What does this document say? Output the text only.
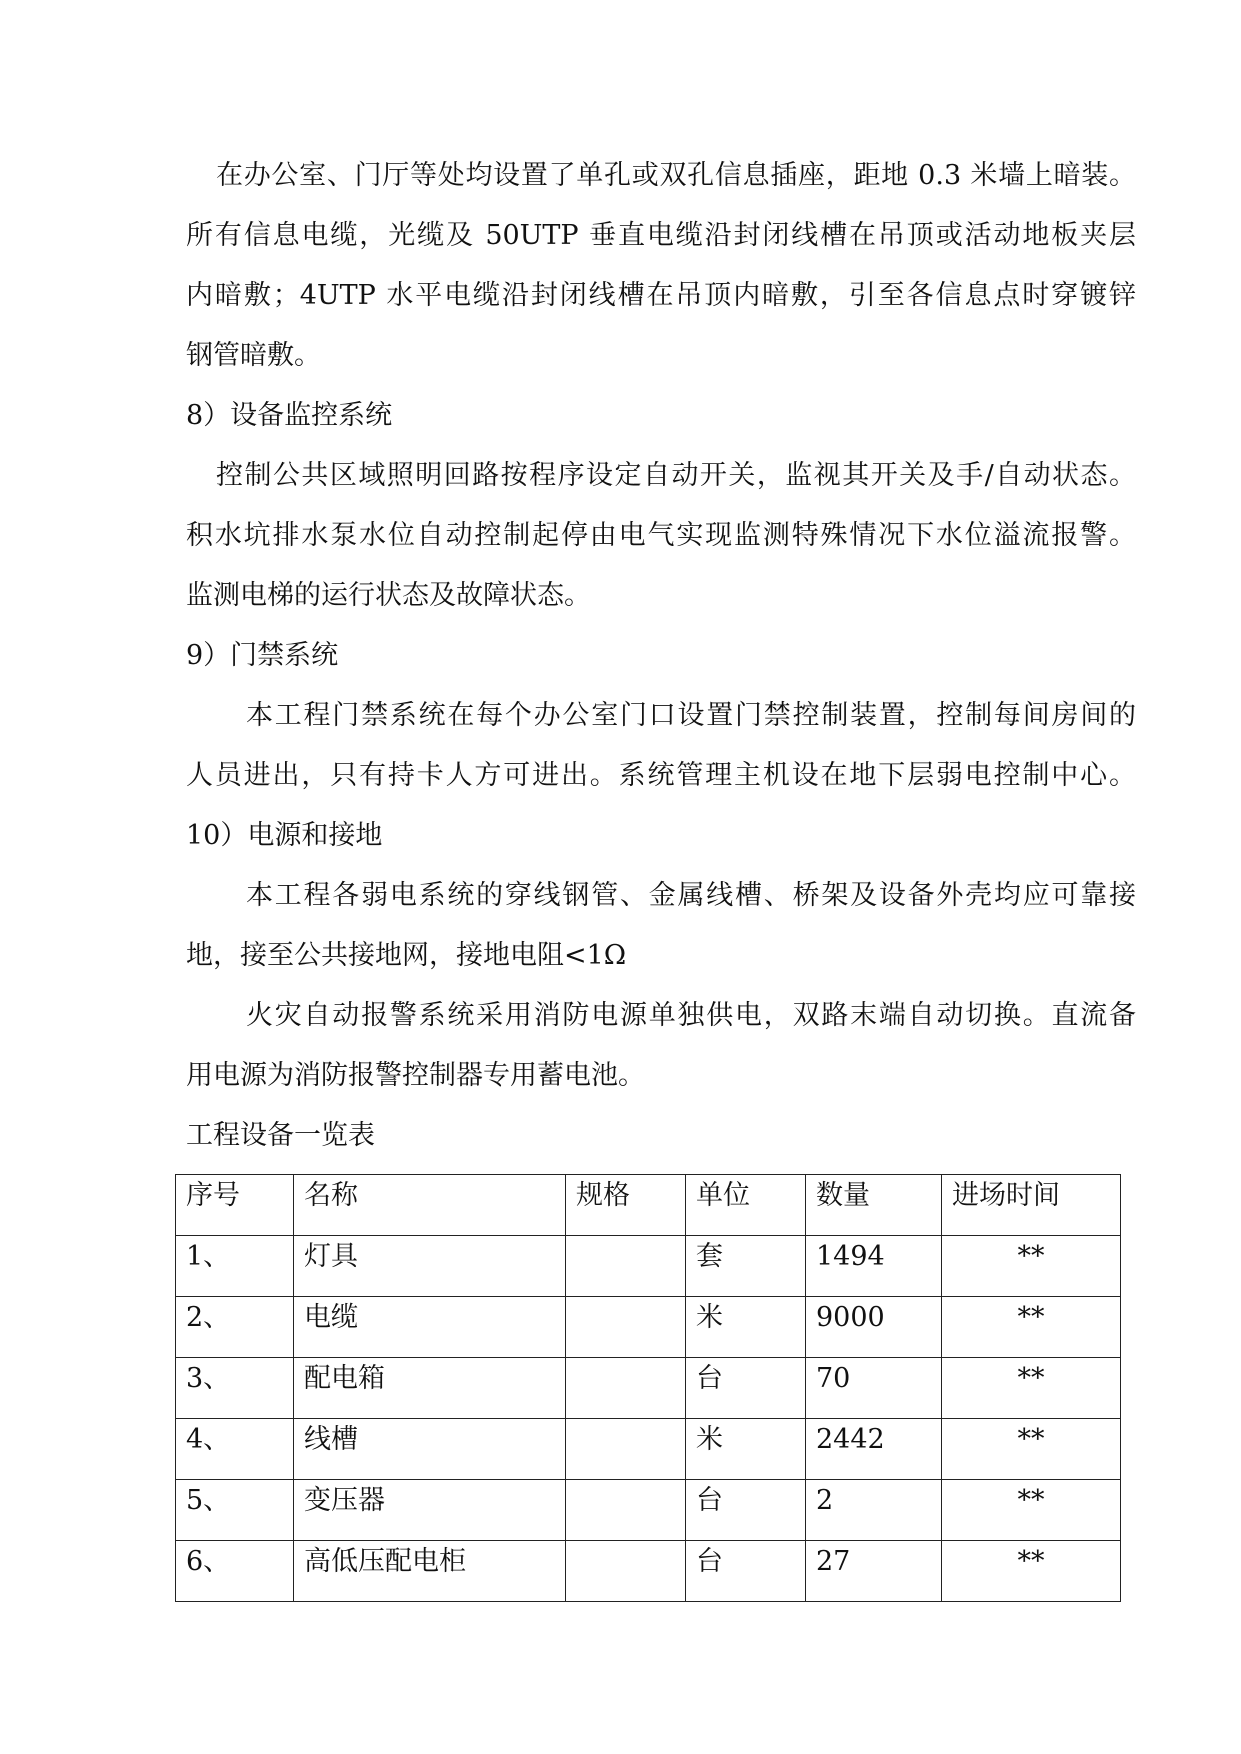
在办公室、门厅等处均设置了单孔或双孔信息插座，距地 0.3 米墙上暗装。
所有信息电缆，光缆及 50UTP 垂直电缆沿封闭线槽在吊顶或活动地板夹层
内暗敷；4UTP 水平电缆沿封闭线槽在吊顶内暗敷，引至各信息点时穿镀锌
钢管暗敷。
8）设备监控系统
控制公共区域照明回路按程序设定自动开关，监视其开关及手/自动状态。
积水坑排水泵水位自动控制起停由电气实现监测特殊情况下水位溢流报警。
监测电梯的运行状态及故障状态。
9）门禁系统
本工程门禁系统在每个办公室门口设置门禁控制装置，控制每间房间的
人员进出，只有持卡人方可进出。系统管理主机设在地下层弱电控制中心。
10）电源和接地
本工程各弱电系统的穿线钢管、金属线槽、桥架及设备外壳均应可靠接
地，接至公共接地网，接地电阻<1Ω
火灾自动报警系统采用消防电源单独供电，双路末端自动切换。直流备
用电源为消防报警控制器专用蓄电池。
工程设备一览表
序号	名称	规格	单位	数量	进场时间
1、	灯具		套	1494	**
2、	电缆		米	9000	**
3、	配电箱		台	70	**
4、	线槽		米	2442	**
5、	变压器		台	2	**
6、	高低压配电柜		台	27	**
